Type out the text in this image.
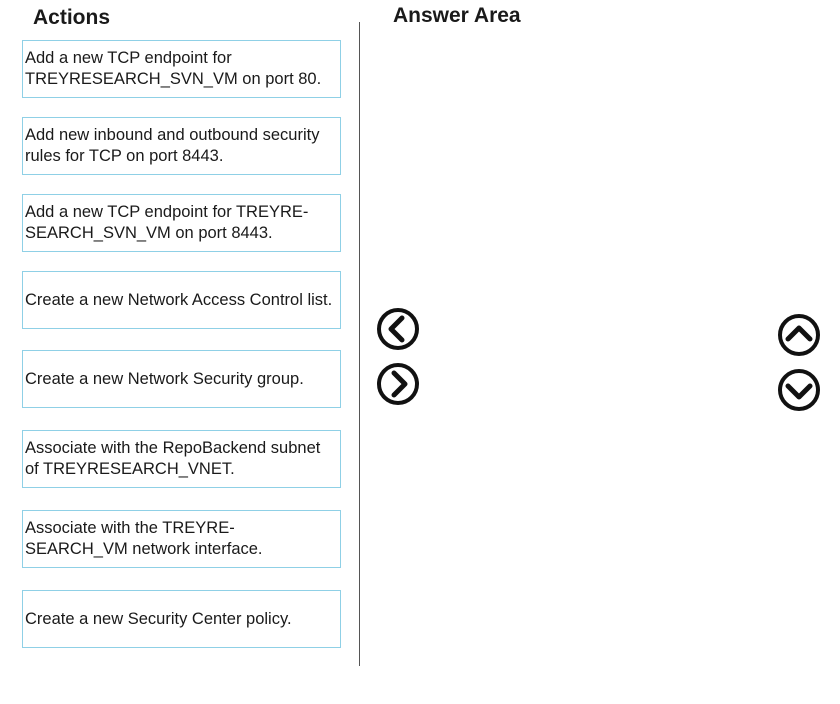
Actions	Answer Area
Add a new TCP endpoint for TREYRESEARCH_SVN_VM on port 80.
Add new inbound and outbound security rules for TCP on port 8443.
Add a new TCP endpoint for TREYRE-SEARCH_SVN_VM on port 8443.
Create a new Network Access Control list.
Create a new Network Security group.
Associate with the RepoBackend subnet of TREYRESEARCH_VNET.
Associate with the TREYRE-SEARCH_VM network interface.
Create a new Security Center policy.
